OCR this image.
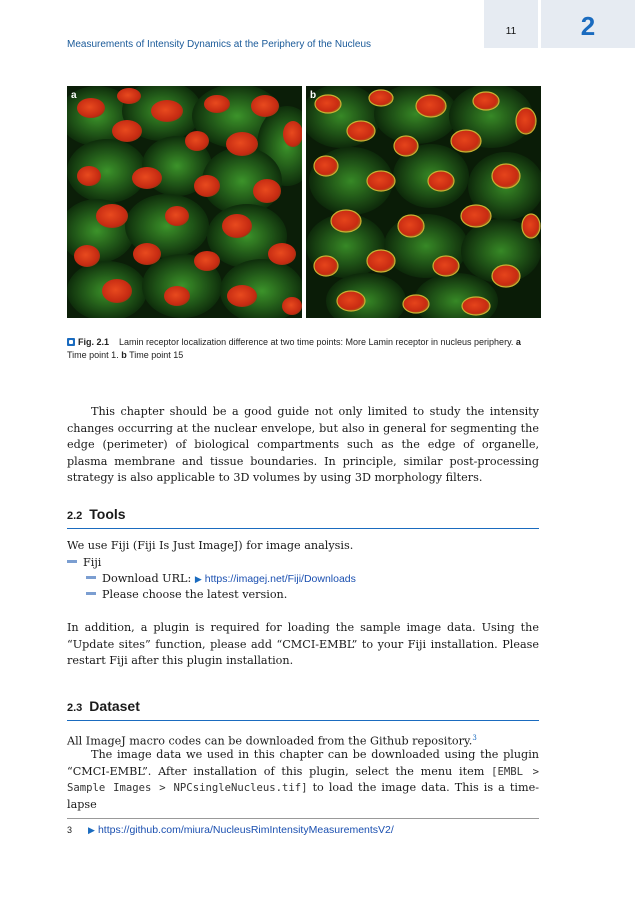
Measurements of Intensity Dynamics at the Periphery of the Nucleus
11	2
a	b
Fig. 2.1 Lamin receptor localization difference at two time points: More Lamin receptor in nucleus periphery. a Time point 1. b Time point 15
This chapter should be a good guide not only limited to study the intensity changes occurring at the nuclear envelope, but also in general for segmenting the edge (perimeter) of biological compartments such as the edge of organelle, plasma membrane and tissue boundaries. In principle, similar post-processing strategy is also applicable to 3D volumes by using 3D morphology filters.
2.2 Tools
We use Fiji (Fiji Is Just ImageJ) for image analysis.
Fiji
Download URL: ▶ https://imagej.net/Fiji/Downloads
Please choose the latest version.
In addition, a plugin is required for loading the sample image data. Using the “Update sites” function, please add “CMCI-EMBL” to your Fiji installation. Please restart Fiji after this plugin installation.
2.3 Dataset
All ImageJ macro codes can be downloaded from the Github repository.$^3$
The image data we used in this chapter can be downloaded using the plugin “CMCI-EMBL”. After installation of this plugin, select the menu item [EMBL > Sample Images > NPCsingleNucleus.tif] to load the image data. This is a time-lapse
3 ▶ https://github.com/miura/NucleusRimIntensityMeasurementsV2/
